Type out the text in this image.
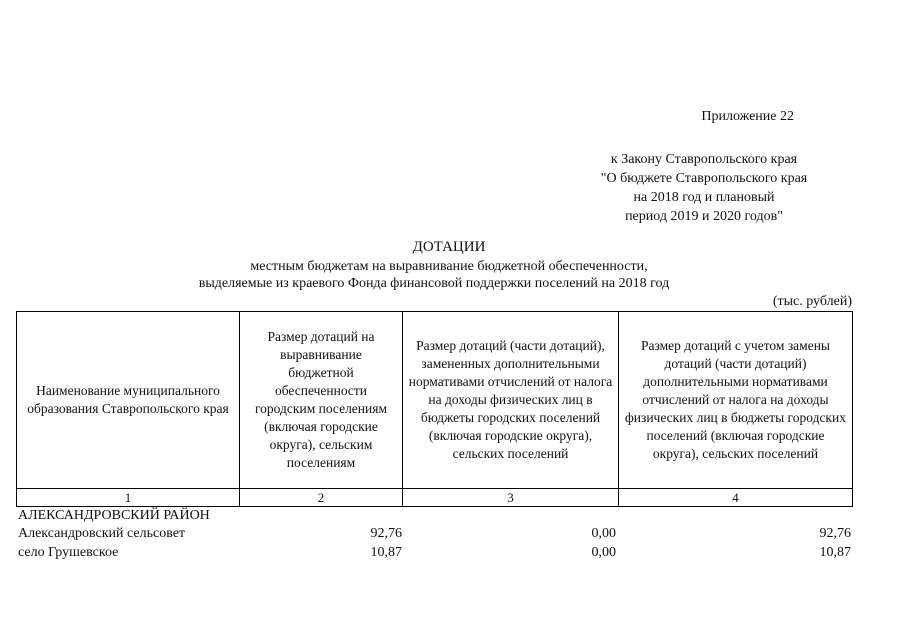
Приложение 22
к Закону Ставропольского края
"О бюджете Ставропольского края
на 2018 год и плановый
период 2019 и 2020 годов"
ДОТАЦИИ
местным бюджетам на выравнивание бюджетной обеспеченности,
выделяемые из краевого Фонда финансовой поддержки поселений на 2018 год
(тыс. рублей)
Наименование муниципального образования Ставропольского края	Размер дотаций на выравнивание бюджетной обеспеченности городским поселениям (включая городские округа), сельским поселениям	Размер дотаций (части дотаций), замененных дополнительными нормативами отчислений от налога на доходы физических лиц в бюджеты городских поселений (включая городские округа), сельских поселений	Размер дотаций с учетом замены дотаций (части дотаций) дополнительными нормативами отчислений от налога на доходы физических лиц в бюджеты городских поселений (включая городские округа), сельских поселений
1	2	3	4
АЛЕКСАНДРОВСКИЙ РАЙОН
Александровский сельсовет	92,76	0,00	92,76
село Грушевское	10,87	0,00	10,87
